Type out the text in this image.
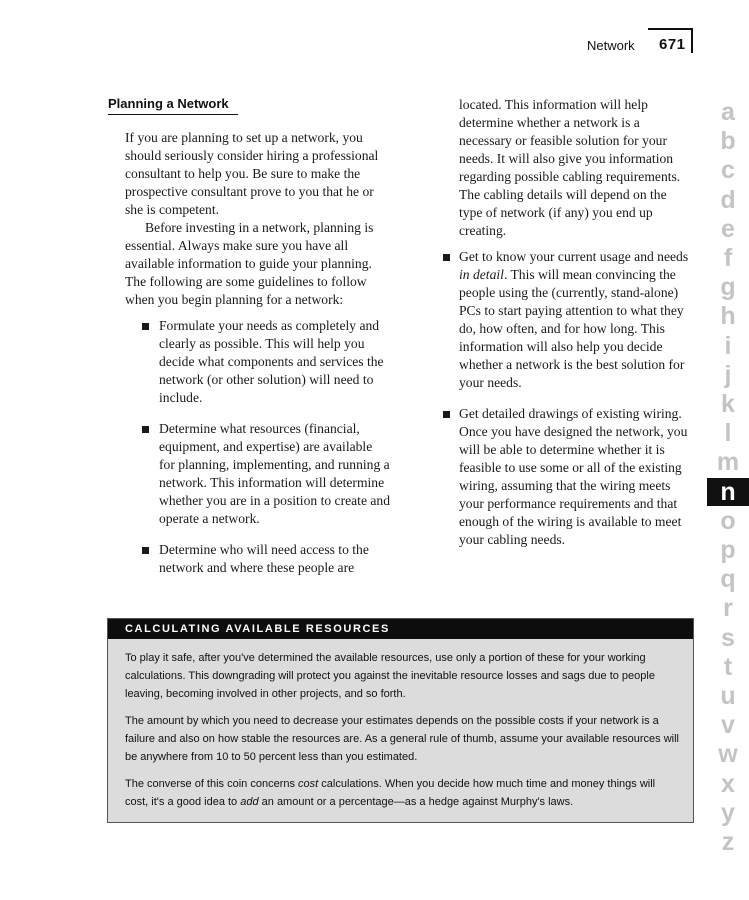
Network 671
Planning a Network

If you are planning to set up a network, you should seriously consider hiring a professional consultant to help you. Be sure to make the prospective consultant prove to you that he or she is competent.

Before investing in a network, planning is essential. Always make sure you have all available information to guide your planning. The following are some guidelines to follow when you begin planning for a network:

Formulate your needs as completely and clearly as possible. This will help you decide what components and services the network (or other solution) will need to include.
Determine what resources (financial, equipment, and expertise) are available for planning, implementing, and running a network. This information will determine whether you are in a position to create and operate a network.
Determine who will need access to the network and where these people are

located. This information will help determine whether a network is a necessary or feasible solution for your needs. It will also give you information regarding possible cabling requirements. The cabling details will depend on the type of network (if any) you end up creating.

Get to know your current usage and needs in detail. This will mean convincing the people using the (currently, stand-alone) PCs to start paying attention to what they do, how often, and for how long. This information will also help you decide whether a network is the best solution for your needs.
Get detailed drawings of existing wiring. Once you have designed the network, you will be able to determine whether it is feasible to use some or all of the existing wiring, assuming that the wiring meets your performance requirements and that enough of the wiring is available to meet your cabling needs.
CALCULATING AVAILABLE RESOURCES

To play it safe, after you've determined the available resources, use only a portion of these for your working calculations. This downgrading will protect you against the inevitable resource losses and sags due to people leaving, becoming involved in other projects, and so forth.

The amount by which you need to decrease your estimates depends on the possible costs if your network is a failure and also on how stable the resources are. As a general rule of thumb, assume your available resources will be anywhere from 10 to 50 percent less than you estimated.

The converse of this coin concerns cost calculations. When you decide how much time and money things will cost, it's a good idea to add an amount or a percentage—as a hedge against Murphy's laws.

a
b
c
d
e
f
g
h
i
j
k
l
m
n
o
p
q
r
s
t
u
v
w
x
y
z
